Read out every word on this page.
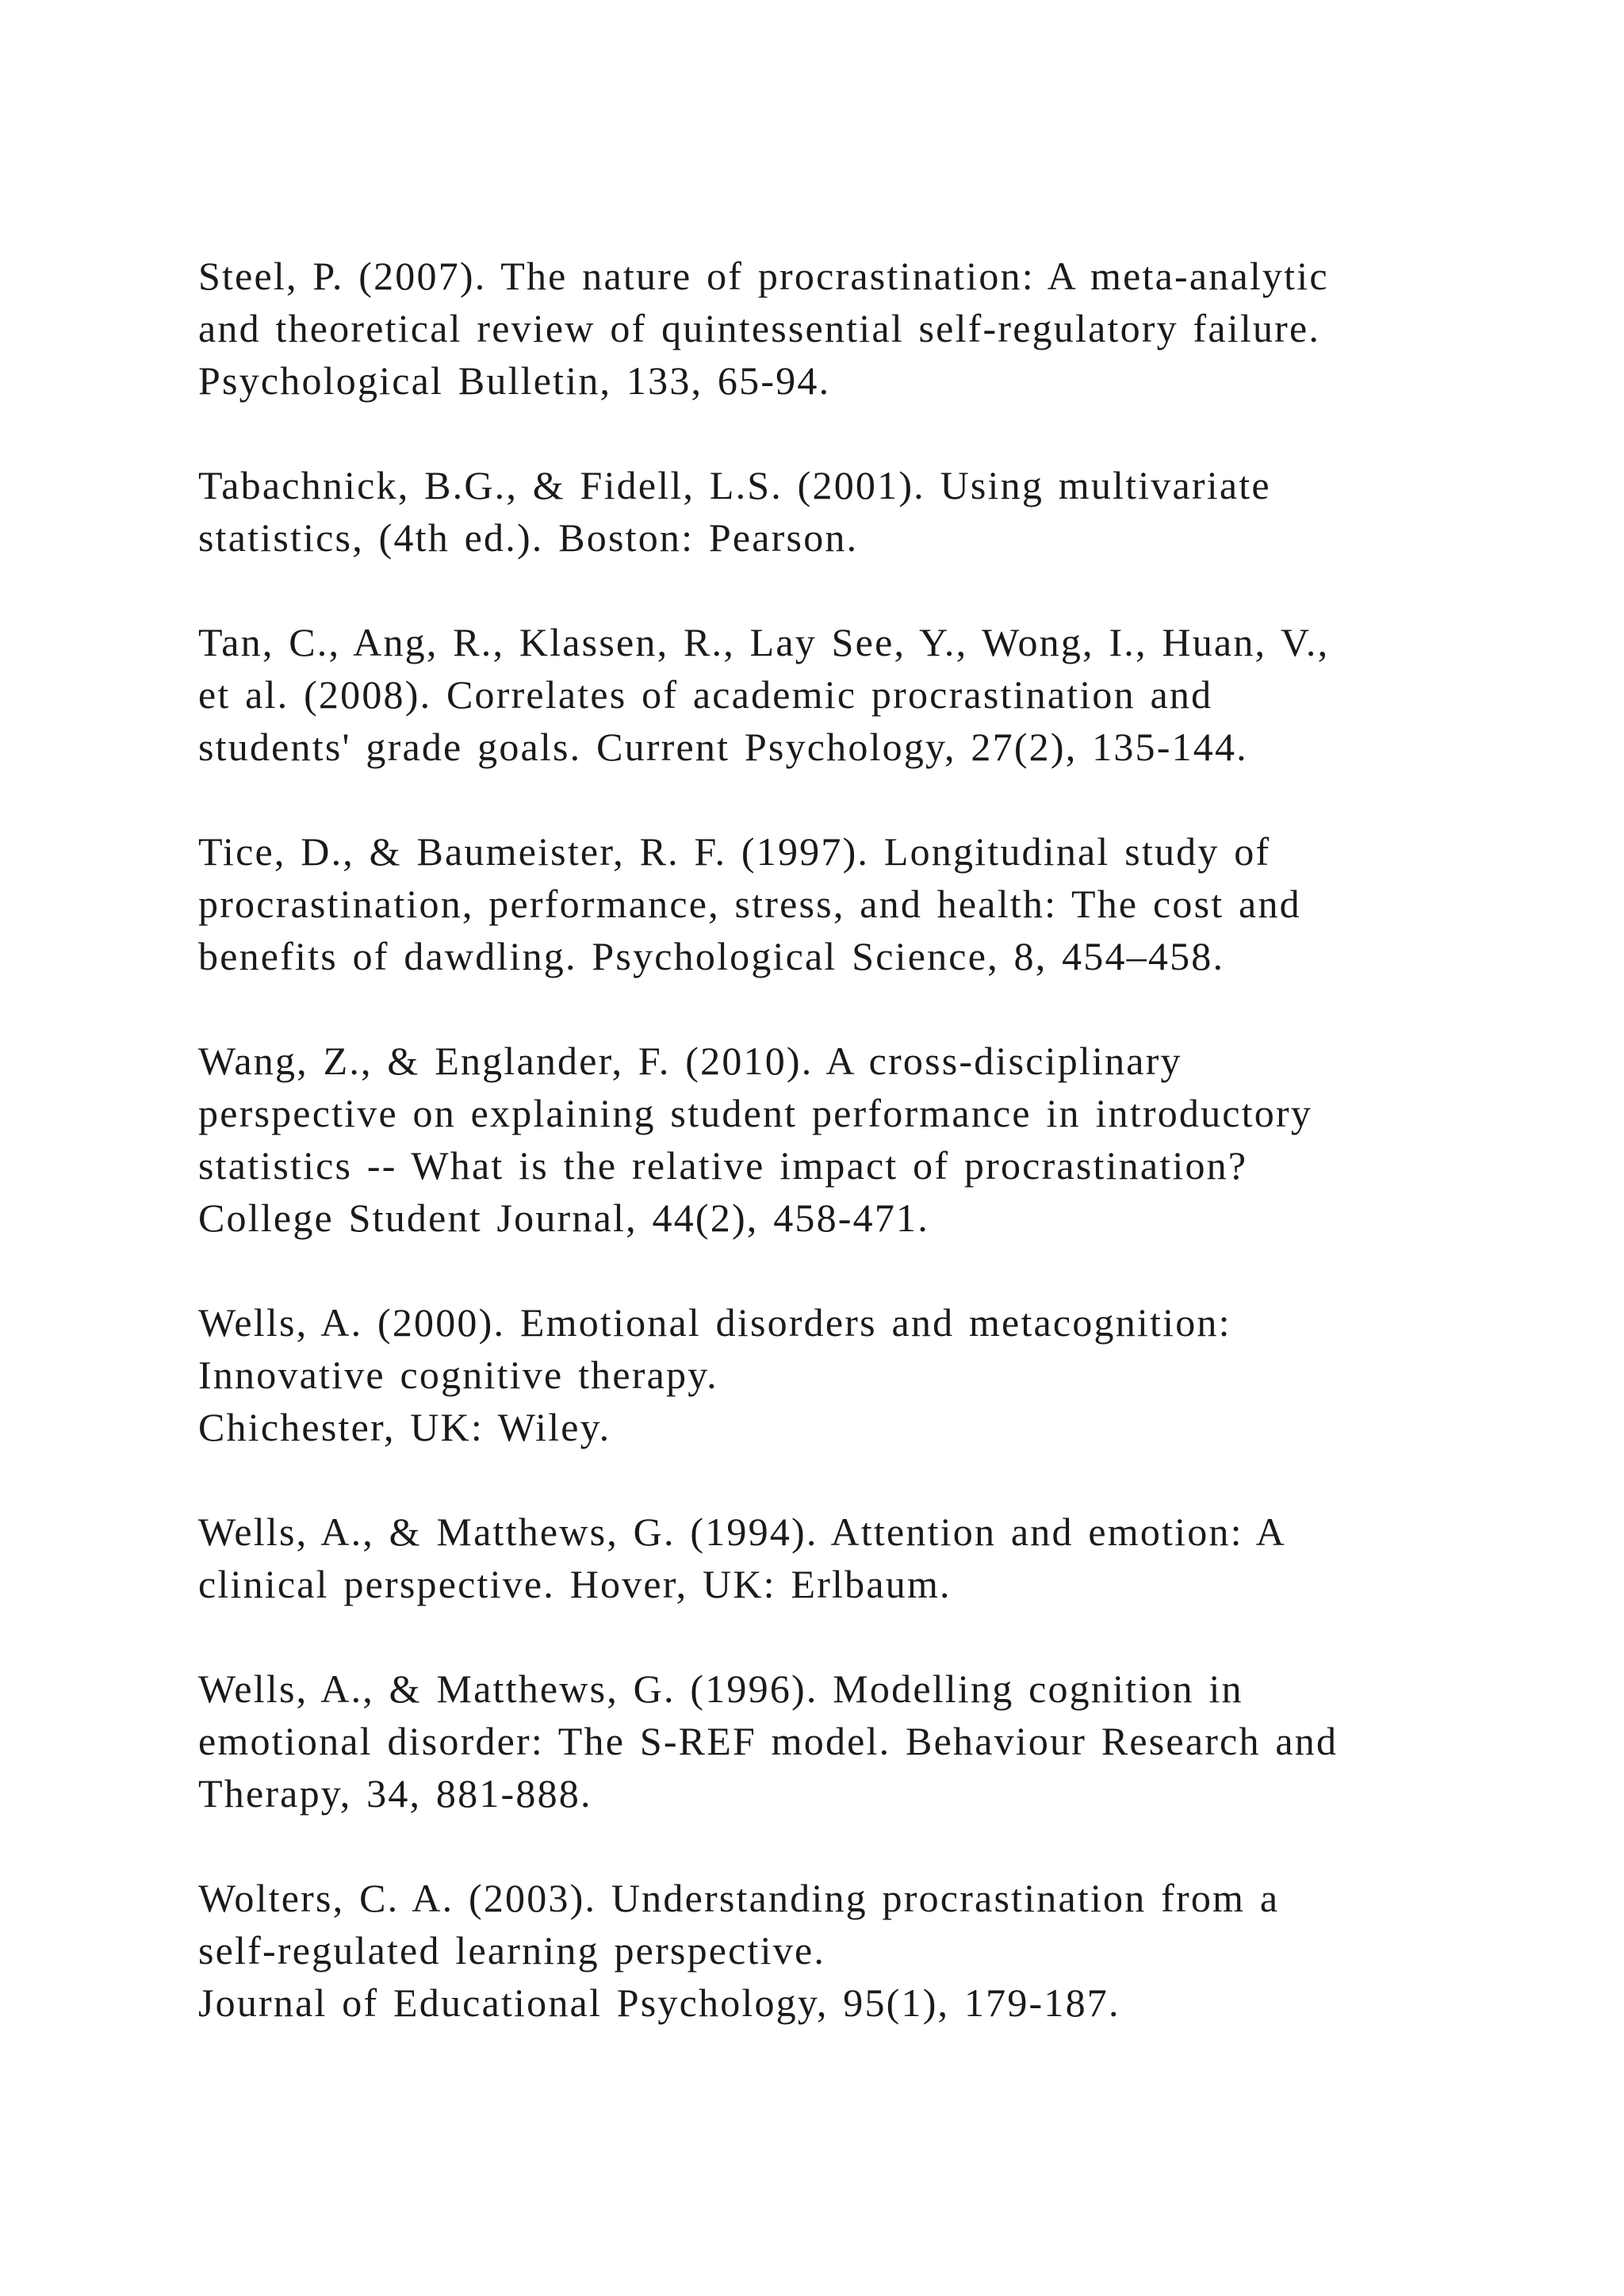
Steel, P. (2007). The nature of procrastination: A meta-analytic
and theoretical review of quintessential self-regulatory failure.
Psychological Bulletin, 133, 65-94.
Tabachnick, B.G., & Fidell, L.S. (2001). Using multivariate
statistics, (4th ed.). Boston: Pearson.
Tan, C., Ang, R., Klassen, R., Lay See, Y., Wong, I., Huan, V.,
et al. (2008). Correlates of academic procrastination and
students' grade goals. Current Psychology, 27(2), 135-144.
Tice, D., & Baumeister, R. F. (1997). Longitudinal study of
procrastination, performance, stress, and health: The cost and
benefits of dawdling. Psychological Science, 8, 454–458.
Wang, Z., & Englander, F. (2010). A cross-disciplinary
perspective on explaining student performance in introductory
statistics -- What is the relative impact of procrastination?
College Student Journal, 44(2), 458-471.
Wells, A. (2000). Emotional disorders and metacognition:
Innovative cognitive therapy.
Chichester, UK: Wiley.
Wells, A., & Matthews, G. (1994). Attention and emotion: A
clinical perspective. Hover, UK: Erlbaum.
Wells, A., & Matthews, G. (1996). Modelling cognition in
emotional disorder: The S-REF model. Behaviour Research and
Therapy, 34, 881-888.
Wolters, C. A. (2003). Understanding procrastination from a
self-regulated learning perspective.
Journal of Educational Psychology, 95(1), 179-187.
